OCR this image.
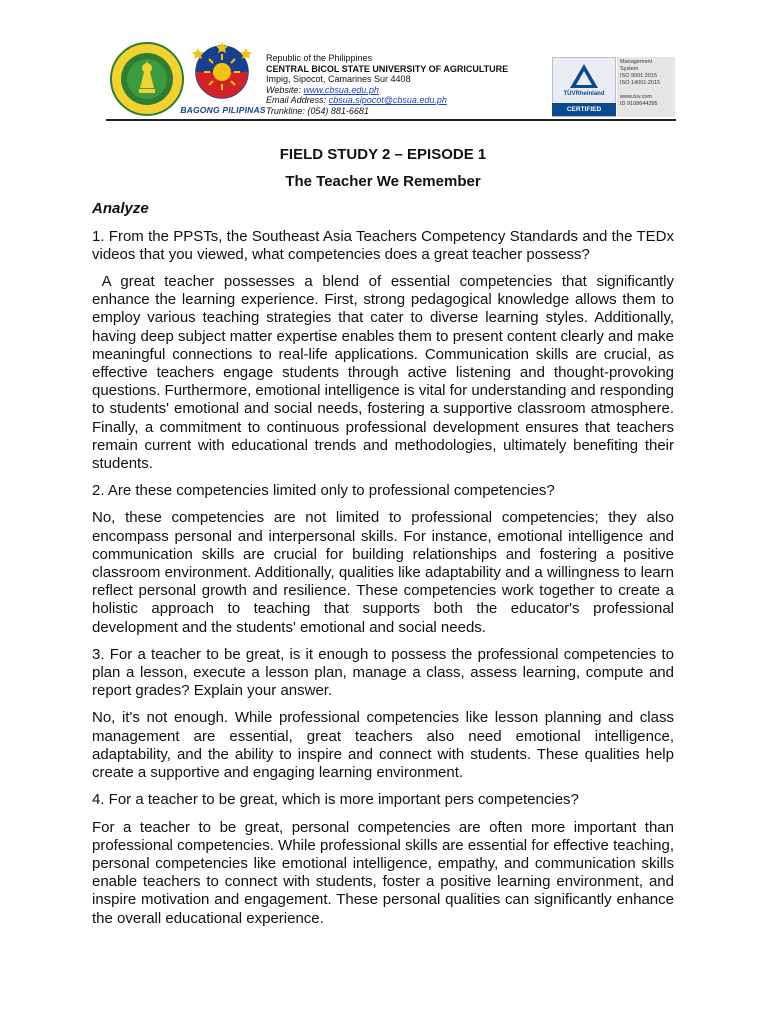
BAGONG PILIPINAS
Republic of the Philippines
CENTRAL BICOL STATE UNIVERSITY OF AGRICULTURE
Impig, Sipocot, Camarines Sur 4408
Website: www.cbsua.edu.ph
Email Address: cbsua.sipocot@cbsua.edu.ph
Trunkline: (054) 881-6681
TÜVRheinland
CERTIFIED
Management
System
ISO 9001:2015
ISO 14001:2015

www.tuv.com
ID 9108644395
FIELD STUDY 2 – EPISODE 1
The Teacher We Remember
Analyze
1. From the PPSTs, the Southeast Asia Teachers Competency Standards and the TEDx videos that you viewed, what competencies does a great teacher possess?
A great teacher possesses a blend of essential competencies that significantly enhance the learning experience. First, strong pedagogical knowledge allows them to employ various teaching strategies that cater to diverse learning styles. Additionally, having deep subject matter expertise enables them to present content clearly and make meaningful connections to real-life applications. Communication skills are crucial, as effective teachers engage students through active listening and thought-provoking questions. Furthermore, emotional intelligence is vital for understanding and responding to students' emotional and social needs, fostering a supportive classroom atmosphere. Finally, a commitment to continuous professional development ensures that teachers remain current with educational trends and methodologies, ultimately benefiting their students.
2. Are these competencies limited only to professional competencies?
No, these competencies are not limited to professional competencies; they also encompass personal and interpersonal skills. For instance, emotional intelligence and communication skills are crucial for building relationships and fostering a positive classroom environment. Additionally, qualities like adaptability and a willingness to learn reflect personal growth and resilience. These competencies work together to create a holistic approach to teaching that supports both the educator's professional development and the students' emotional and social needs.
3. For a teacher to be great, is it enough to possess the professional competencies to plan a lesson, execute a lesson plan, manage a class, assess learning, compute and report grades? Explain your answer.
No, it's not enough. While professional competencies like lesson planning and class management are essential, great teachers also need emotional intelligence, adaptability, and the ability to inspire and connect with students. These qualities help create a supportive and engaging learning environment.
4. For a teacher to be great, which is more important pers competencies?
For a teacher to be great, personal competencies are often more important than professional competencies. While professional skills are essential for effective teaching, personal competencies like emotional intelligence, empathy, and communication skills enable teachers to connect with students, foster a positive learning environment, and inspire motivation and engagement. These personal qualities can significantly enhance the overall educational experience.
